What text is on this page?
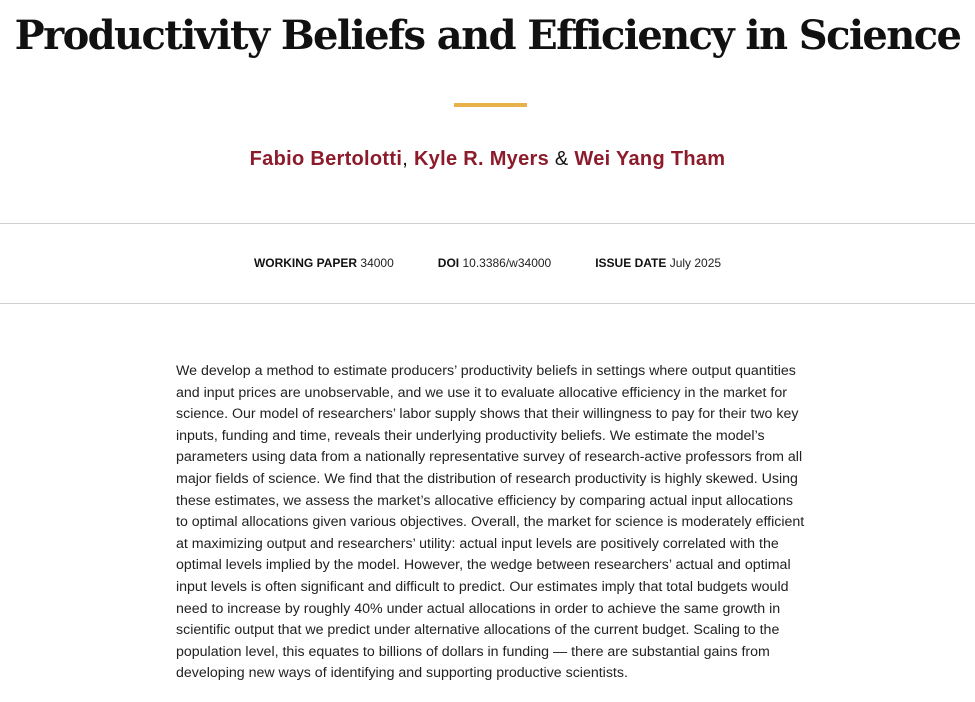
Productivity Beliefs and Efficiency in Science
Fabio Bertolotti, Kyle R. Myers & Wei Yang Tham
WORKING PAPER 34000	DOI 10.3386/w34000	ISSUE DATE July 2025

We develop a method to estimate producers’ productivity beliefs in settings where output quantities and input prices are unobservable, and we use it to evaluate allocative efficiency in the market for science. Our model of researchers’ labor supply shows that their willingness to pay for their two key inputs, funding and time, reveals their underlying productivity beliefs. We estimate the model’s parameters using data from a nationally representative survey of research-active professors from all major fields of science. We find that the distribution of research productivity is highly skewed. Using these estimates, we assess the market’s allocative efficiency by comparing actual input allocations to optimal allocations given various objectives. Overall, the market for science is moderately efficient at maximizing output and researchers’ utility: actual input levels are positively correlated with the optimal levels implied by the model. However, the wedge between researchers’ actual and optimal input levels is often significant and difficult to predict. Our estimates imply that total budgets would need to increase by roughly 40% under actual allocations in order to achieve the same growth in scientific output that we predict under alternative allocations of the current budget. Scaling to the population level, this equates to billions of dollars in funding — there are substantial gains from developing new ways of identifying and supporting productive scientists.
